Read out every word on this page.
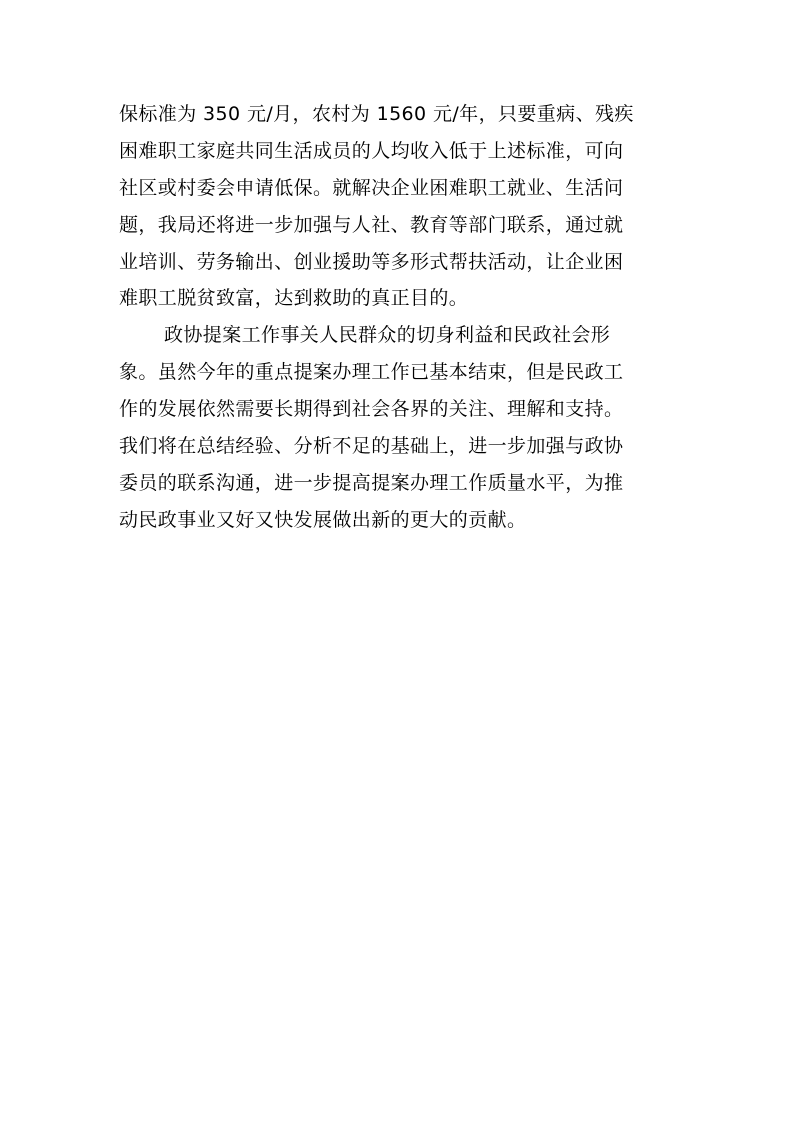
保标准为 350 元/月，农村为 1560 元/年，只要重病、残疾
困难职工家庭共同生活成员的人均收入低于上述标准，可向
社区或村委会申请低保。就解决企业困难职工就业、生活问
题，我局还将进一步加强与人社、教育等部门联系，通过就
业培训、劳务输出、创业援助等多形式帮扶活动，让企业困
难职工脱贫致富，达到救助的真正目的。
政协提案工作事关人民群众的切身利益和民政社会形
象。虽然今年的重点提案办理工作已基本结束，但是民政工
作的发展依然需要长期得到社会各界的关注、理解和支持。
我们将在总结经验、分析不足的基础上，进一步加强与政协
委员的联系沟通，进一步提高提案办理工作质量水平，为推
动民政事业又好又快发展做出新的更大的贡献。
